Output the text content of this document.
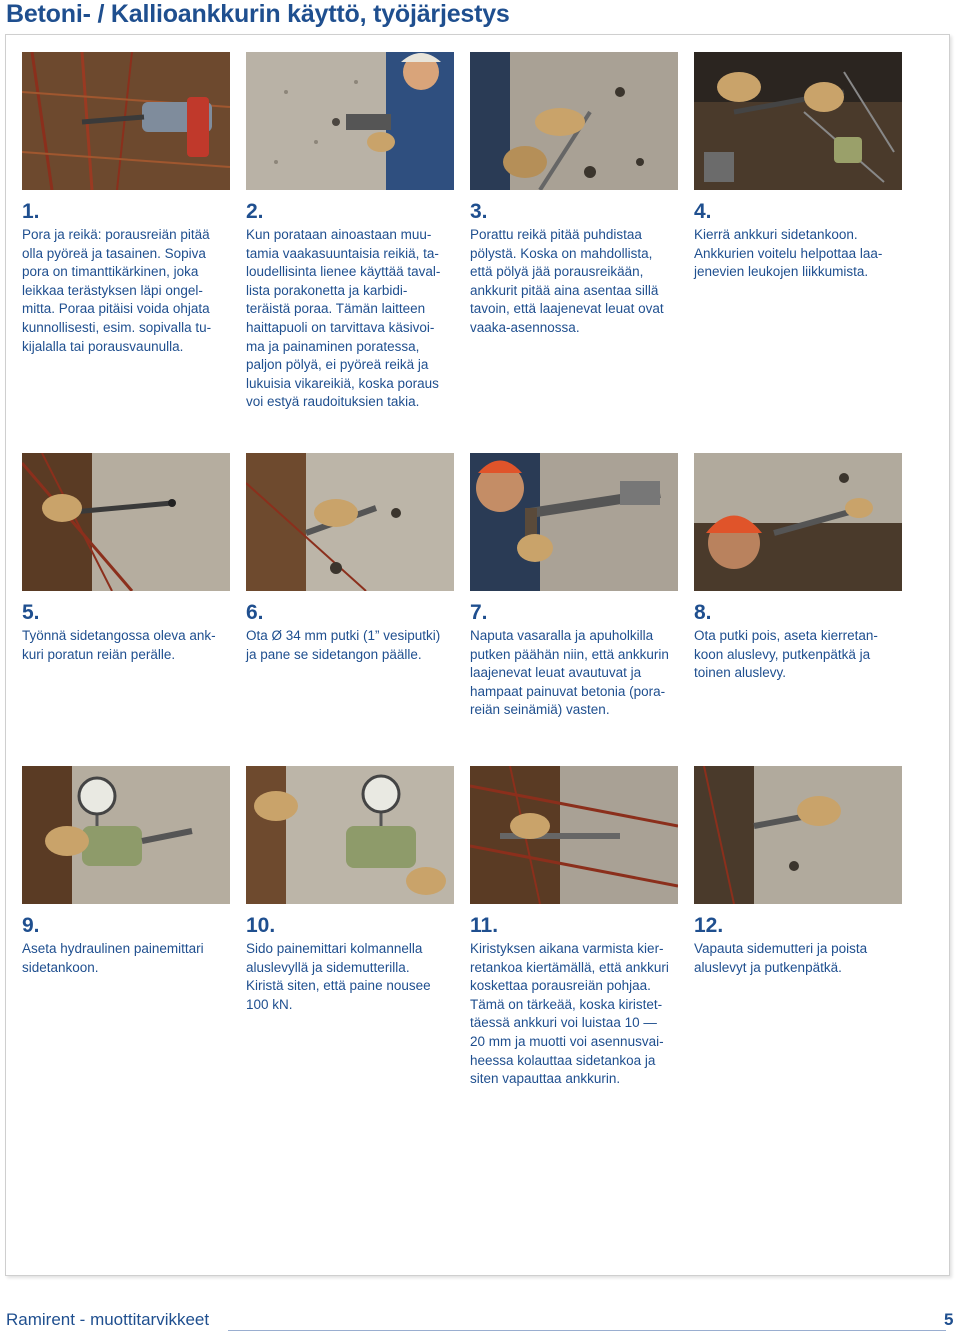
Betoni- / Kallioankkurin käyttö, työjärjestys
1.
Pora ja reikä: porausreiän pitää
olla pyöreä ja tasainen. Sopiva
pora on timanttikärkinen, joka
leikkaa terästyksen läpi ongel-
mitta. Poraa pitäisi voida ohjata
kunnollisesti, esim. sopivalla tu-
kijalalla tai porausvaunulla.
2.
Kun porataan ainoastaan muu-
tamia vaakasuuntaisia reikiä, ta-
loudellisinta lienee käyttää taval-
lista porakonetta ja karbidi-
teräistä poraa. Tämän laitteen
haittapuoli on tarvittava käsivoi-
ma ja painaminen poratessa,
paljon pölyä, ei pyöreä reikä ja
lukuisia vikareikiä, koska poraus
voi estyä raudoituksien takia.
3.
Porattu reikä pitää puhdistaa
pölystä. Koska on mahdollista,
että pölyä jää porausreikään,
ankkurit pitää aina asentaa sillä
tavoin, että laajenevat leuat ovat
vaaka-asennossa.
4.
Kierrä ankkuri sidetankoon.
Ankkurien voitelu helpottaa laa-
jenevien leukojen liikkumista.
5.
Työnnä sidetangossa oleva ank-
kuri poratun reiän perälle.
6.
Ota Ø 34 mm putki (1” vesiputki)
ja pane se sidetangon päälle.
7.
Naputa vasaralla ja apuholkilla
putken päähän niin, että ankkurin
laajenevat leuat avautuvat ja
hampaat painuvat betonia (pora-
reiän seinämiä) vasten.
8.
Ota putki pois, aseta kierretan-
koon aluslevy, putkenpätkä ja
toinen aluslevy.
9.
Aseta hydraulinen painemittari
sidetankoon.
10.
Sido painemittari kolmannella
aluslevyllä ja sidemutterilla.
Kiristä siten, että paine nousee
100 kN.
11.
Kiristyksen aikana varmista kier-
retankoa kiertämällä, että ankkuri
koskettaa porausreiän pohjaa.
Tämä on tärkeää, koska kiristet-
täessä ankkuri voi luistaa 10 —
20 mm ja muotti voi asennusvai-
heessa kolauttaa sidetankoa ja
siten vapauttaa ankkurin.
12.
Vapauta sidemutteri ja poista
aluslevyt ja putkenpätkä.
Ramirent - muottitarvikkeet	5
